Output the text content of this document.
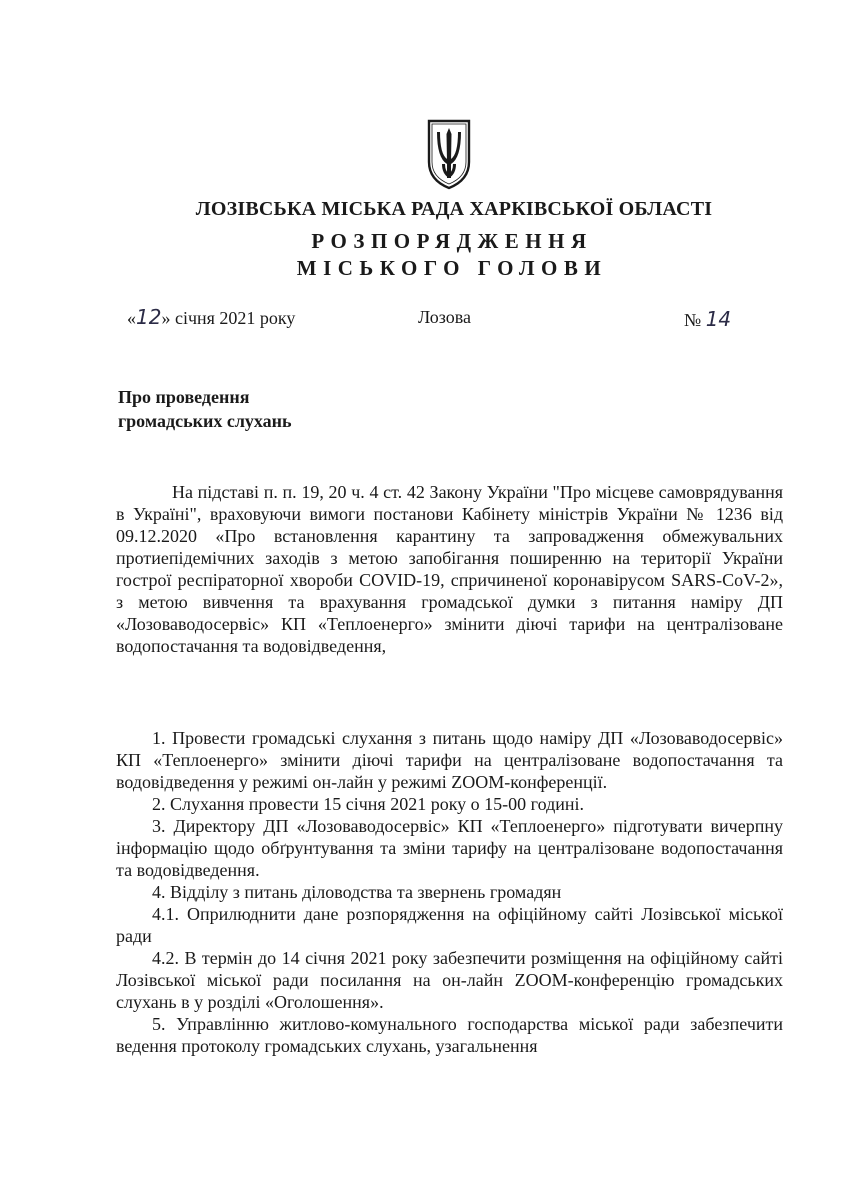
ЛОЗІВСЬКА МІСЬКА РАДА ХАРКІВСЬКОЇ ОБЛАСТІ
РОЗПОРЯДЖЕННЯ
МІСЬКОГО ГОЛОВИ
«12» січня 2021 року	Лозова	№ 14
Про проведення
громадських слухань

На підставі п. п. 19, 20 ч. 4 ст. 42 Закону України "Про місцеве самоврядування в Україні", враховуючи вимоги постанови Кабінету міністрів України № 1236 від 09.12.2020 «Про встановлення карантину та запровадження обмежувальних протиепідемічних заходів з метою запобігання поширенню на території України гострої респіраторної хвороби COVID-19, спричиненої коронавірусом SARS-CoV-2», з метою вивчення та врахування громадської думки з питання наміру ДП «Лозоваводосервіс» КП «Теплоенерго» змінити діючі тарифи на централізоване водопостачання та водовідведення,

1. Провести громадські слухання з питань щодо наміру ДП «Лозоваводосервіс» КП «Теплоенерго» змінити діючі тарифи на централізоване водопостачання та водовідведення у режимі он-лайн у режимі ZOOM-конференції.

2. Слухання провести 15 січня 2021 року о 15-00 годині.

3. Директору ДП «Лозоваводосервіс» КП «Теплоенерго» підготувати вичерпну інформацію щодо обґрунтування та зміни тарифу на централізоване водопостачання та водовідведення.

4. Відділу з питань діловодства та звернень громадян

4.1. Оприлюднити дане розпорядження на офіційному сайті Лозівської міської ради

4.2. В термін до 14 січня 2021 року забезпечити розміщення на офіційному сайті Лозівської міської ради посилання на он-лайн ZOOM-конференцію громадських слухань в у розділі «Оголошення».

5. Управлінню житлово-комунального господарства міської ради забезпечити ведення протоколу громадських слухань, узагальнення
